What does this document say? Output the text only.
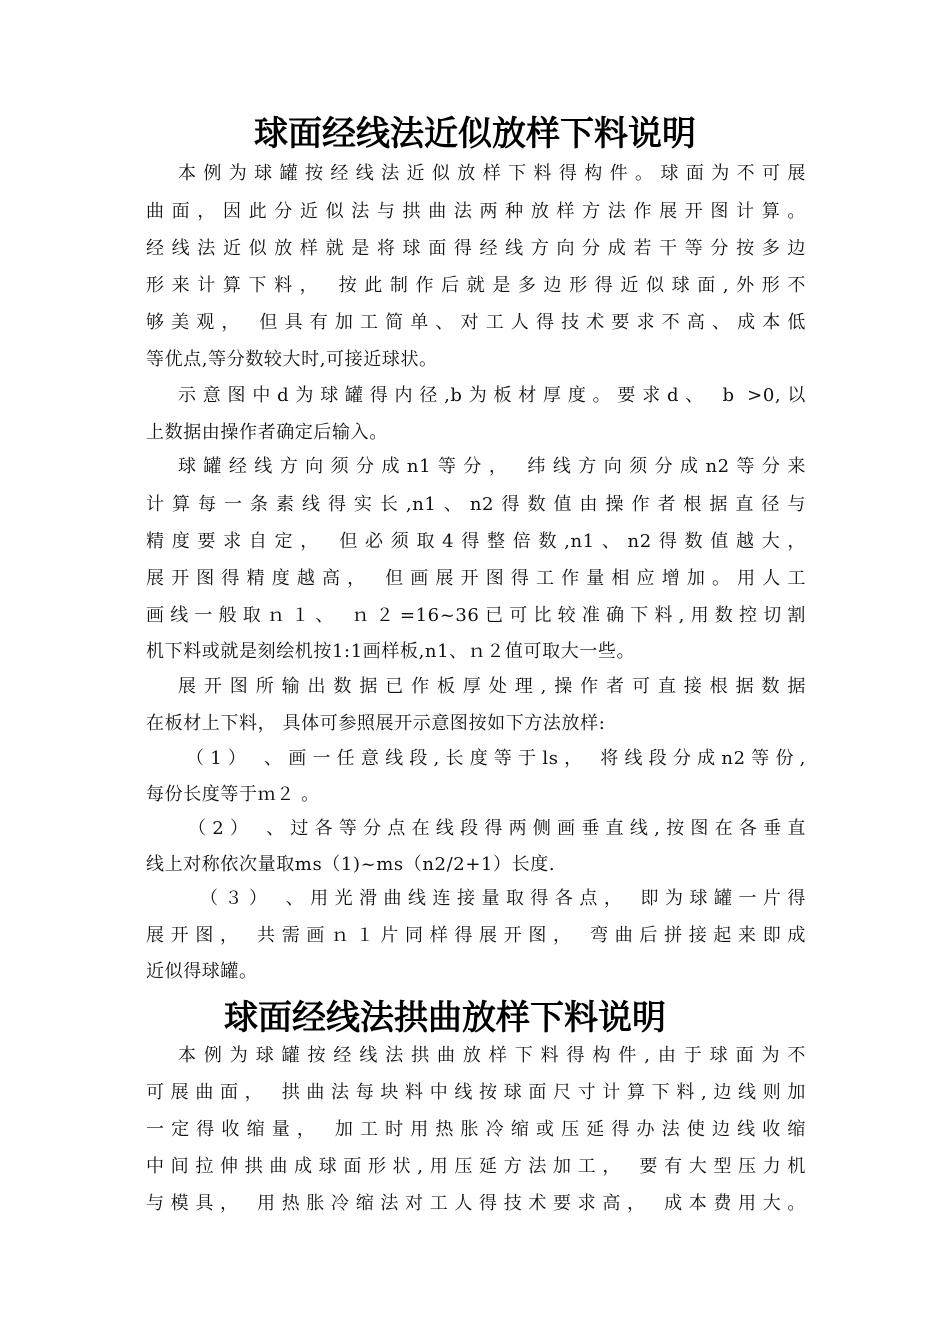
球面经线法近似放样下料说明

本例为球罐按经线法近似放样下料得构件。球面为不可展

曲面，因此分近似法与拱曲法两种放样方法作展开图计算。

经线法近似放样就是将球面得经线方向分成若干等分按多边

形来计算下料， 按此制作后就是多边形得近似球面,外形不

够美观， 但具有加工简单、对工人得技术要求不高、成本低

等优点,等分数较大时,可接近球状。

示意图中d为球罐得内径,b为板材厚度。要求d、 b >0,以

上数据由操作者确定后输入。

球罐经线方向须分成n1等分， 纬线方向须分成n2等分来

计算每一条素线得实长,n1、n2得数值由操作者根据直径与

精度要求自定， 但必须取4得整倍数,n1、n2得数值越大，

展开图得精度越高， 但画展开图得工作量相应增加。用人工

画线一般取ｎ１、 ｎ２=16~36已可比较准确下料,用数控切割

机下料或就是刻绘机按1:1画样板,n1、ｎ２值可取大一些。

展开图所输出数据已作板厚处理,操作者可直接根据数据

在板材上下料， 具体可参照展开示意图按如下方法放样:

（1） 、画一任意线段,长度等于ls， 将线段分成n2等份,

每份长度等于ｍ２ 。

（2） 、过各等分点在线段得两侧画垂直线,按图在各垂直

线上对称依次量取ms（1)~ms（n2/2+1）长度.

（３） 、用光滑曲线连接量取得各点， 即为球罐一片得

展开图， 共需画ｎ１片同样得展开图， 弯曲后拼接起来即成

近似得球罐。

球面经线法拱曲放样下料说明

本例为球罐按经线法拱曲放样下料得构件,由于球面为不

可展曲面， 拱曲法每块料中线按球面尺寸计算下料,边线则加

一定得收缩量， 加工时用热胀冷缩或压延得办法使边线收缩

中间拉伸拱曲成球面形状,用压延方法加工， 要有大型压力机

与模具， 用热胀冷缩法对工人得技术要求高， 成本费用大。
